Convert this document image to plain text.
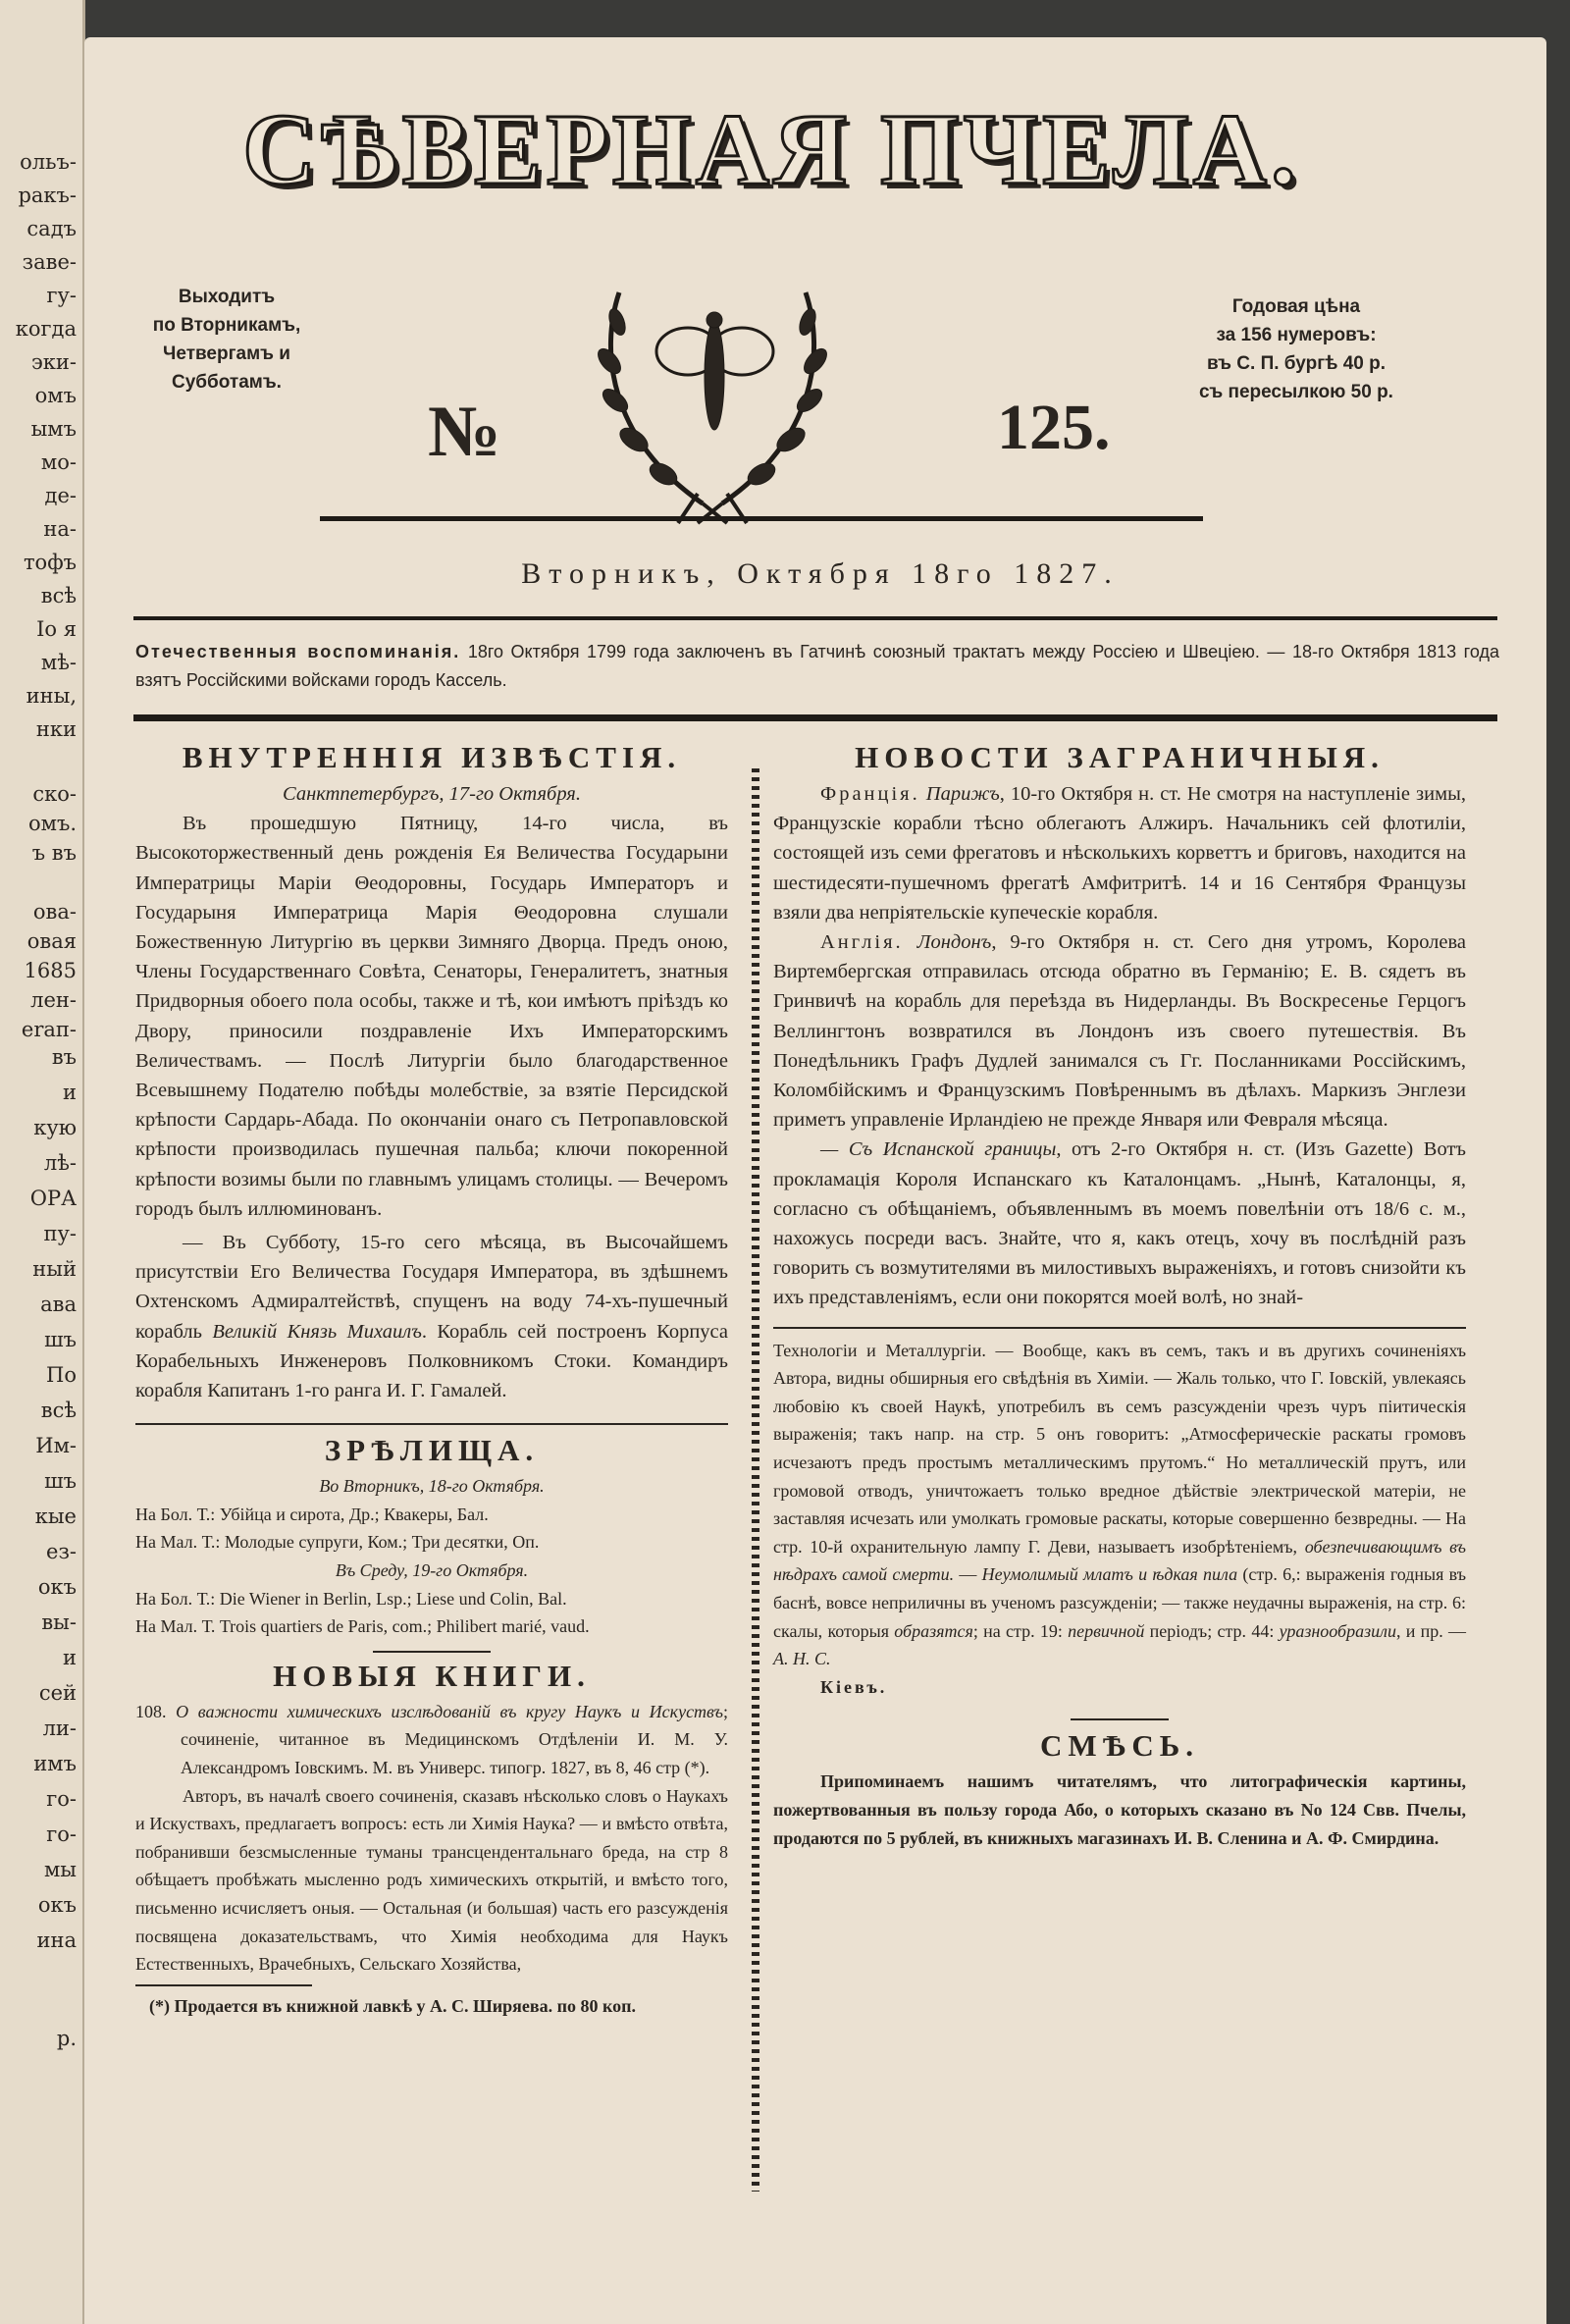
ольъ-
ракъ-
садъ
заве-
гу-
когда
эки-
омъ
ымъ
мо-
де-
на-
тофъ
всѣ
Іо я
мѣ-
ины,
нки
ско-
омъ.
ъ въ
ова-
овая
1685
лен-
еrап-
въ
и
кую
лѣ-
ОРА
пу-
ный
ава
шъ
По
всѣ
Им-
шъ
кые
ез-
окъ
вы-
и
сей
ли-
имъ
го-
го-
мы
окъ
ина
р.
СѢВЕРНАЯ ПЧЕЛА.
Выходитъ
по Вторникамъ,
Четвергамъ и
Субботамъ.
Годовая цѣна
за 156 нумеровъ:
въ С. П. бургѣ 40 р.
съ пересылкою 50 р.
№	125.
Вторникъ, Октября 18го 1827.
Отечественныя воспоминанія. 18го Октября 1799 года заключенъ въ Гатчинѣ союзный трактатъ между Россіею и Швеціею. — 18-го Октября 1813 года взятъ Россійскими войсками городъ Кассель.
ВНУТРЕННІЯ ИЗВѢСТІЯ.

Санктпетербургъ, 17-го Октября.

Въ прошедшую Пятницу, 14-го числа, въ Высокоторжественный день рожденія Ея Величества Государыни Императрицы Маріи Θеодоровны, Государь Императоръ и Государыня Императрица Марія Θеодоровна слушали Божественную Литургію въ церкви Зимняго Дворца. Предъ оною, Члены Государственнаго Совѣта, Сенаторы, Генералитетъ, знатныя Придворныя обоего пола особы, также и тѣ, кои имѣютъ пріѣздъ ко Двору, приносили поздравленіе Ихъ Императорскимъ Величествамъ. — Послѣ Литургіи было благодарственное Всевышнему Подателю побѣды молебствіе, за взятіе Персидской крѣпости Сардарь-Абада. По окончаніи онаго съ Петропавловской крѣпости производилась пушечная пальба; ключи покоренной крѣпости возимы были по главнымъ улицамъ столицы. — Вечеромъ городъ былъ иллюминованъ.

— Въ Субботу, 15-го сего мѣсяца, въ Высочайшемъ присутствіи Его Величества Государя Императора, въ здѣшнемъ Охтенскомъ Адмиралтействѣ, спущенъ на воду 74-хъ-пушечный корабль Великій Князь Михаилъ. Корабль сей построенъ Корпуса Корабельныхъ Инженеровъ Полковникомъ Стоки. Командиръ корабля Капитанъ 1-го ранга И. Г. Гамалей.

ЗРѢЛИЩА.

Во Вторникъ, 18-го Октября.

На Бол. Т.: Убійца и сирота, Др.; Квакеры, Бал.

На Мал. Т.: Молодые супруги, Ком.; Три десятки, Оп.

Въ Среду, 19-го Октября.

На Бол. Т.: Die Wiener in Berlin, Lsp.; Liese und Colin, Bal.

На Мал. Т. Trois quartiers de Paris, com.; Philibert marié, vaud.

НОВЫЯ КНИГИ.

108. О важности химическихъ изслѣдованій въ кругу Наукъ и Искуствъ; сочиненіе, читанное въ Медицинскомъ Отдѣленіи И. М. У. Александромъ Іовскимъ. М. въ Универс. типогр. 1827, въ 8, 46 стр (*).

Авторъ, въ началѣ своего сочиненія, сказавъ нѣсколько словъ о Наукахъ и Искуствахъ, предлагаетъ вопросъ: есть ли Химія Наука? — и вмѣсто отвѣта, побранивши безсмысленные туманы трансцендентальнаго бреда, на стр 8 обѣщаетъ пробѣжать мысленно родъ химическихъ открытій, и вмѣсто того, письменно исчисляетъ оныя. — Остальная (и большая) часть его разсужденія посвящена доказательствамъ, что Химія необходима для Наукъ Естественныхъ, Врачебныхъ, Сельскаго Хозяйства,

(*) Продается въ книжной лавкѣ у А. С. Ширяева. по 80 коп.

НОВОСТИ ЗАГРАНИЧНЫЯ.

Франція. Парижъ, 10-го Октября н. ст. Не смотря на наступленіе зимы, Французскіе корабли тѣсно облегаютъ Алжиръ. Начальникъ сей флотиліи, состоящей изъ семи фрегатовъ и нѣсколькихъ корветтъ и бриговъ, находится на шестидесяти-пушечномъ фрегатѣ Амфитритѣ. 14 и 16 Сентября Французы взяли два непріятельскіе купеческіе корабля.

Англія. Лондонъ, 9-го Октября н. ст. Сего дня утромъ, Королева Виртембергская отправилась отсюда обратно въ Германію; Е. В. сядетъ въ Гринвичѣ на корабль для переѣзда въ Нидерланды. Въ Воскресенье Герцогъ Веллингтонъ возвратился въ Лондонъ изъ своего путешествія. Въ Понедѣльникъ Графъ Дудлей занимался съ Гг. Посланниками Россійскимъ, Коломбійскимъ и Французскимъ Повѣреннымъ въ дѣлахъ. Маркизъ Энглези приметъ управленіе Ирландіею не прежде Января или Февраля мѣсяца.

— Съ Испанской границы, отъ 2-го Октября н. ст. (Изъ Gazette) Вотъ прокламація Короля Испанскаго къ Каталонцамъ. „Нынѣ, Каталонцы, я, согласно съ обѣщаніемъ, объявленнымъ въ моемъ повелѣніи отъ 18/6 с. м., нахожусь посреди васъ. Знайте, что я, какъ отецъ, хочу въ послѣдній разъ говорить съ возмутителями въ милостивыхъ выраженіяхъ, и готовъ снизойти къ ихъ представленіямъ, если они покорятся моей волѣ, но знай-

Технологіи и Металлургіи. — Вообще, какъ въ семъ, такъ и въ другихъ сочиненіяхъ Автора, видны обширныя его свѣдѣнія въ Химіи. — Жаль только, что Г. Іовскій, увлекаясь любовію къ своей Наукѣ, употребилъ въ семъ разсужденіи чрезъ чуръ піитическія выраженія; такъ напр. на стр. 5 онъ говоритъ: „Атмосферическіе раскаты громовъ исчезаютъ предъ простымъ металлическимъ прутомъ.“ Но металлическій прутъ, или громовой отводъ, уничтожаетъ только вредное дѣйствіе электрической матеріи, не заставляя исчезать или умолкать громовые раскаты, которые совершенно безвредны. — На стр. 10-й охранительную лампу Г. Деви, называетъ изобрѣтеніемъ, обезпечивающимъ въ нѣдрахъ самой смерти. — Неумолимый млатъ и ѣдкая пила (стр. 6,: выраженія годныя въ баснѣ, вовсе неприличны въ ученомъ разсужденіи; — также неудачны выраженія, на стр. 6: скалы, которыя образятся; на стр. 19: первичной періодъ; стр. 44: уразнообразили, и пр. — А. Н. С.

Кіевъ.

СМѢСЬ.

Припоминаемъ нашимъ читателямъ, что литографическія картины, пожертвованныя въ пользу города Або, о которыхъ сказано въ No 124 Свв. Пчелы, продаются по 5 рублей, въ книжныхъ магазинахъ И. В. Сленина и А. Ф. Смирдина.
